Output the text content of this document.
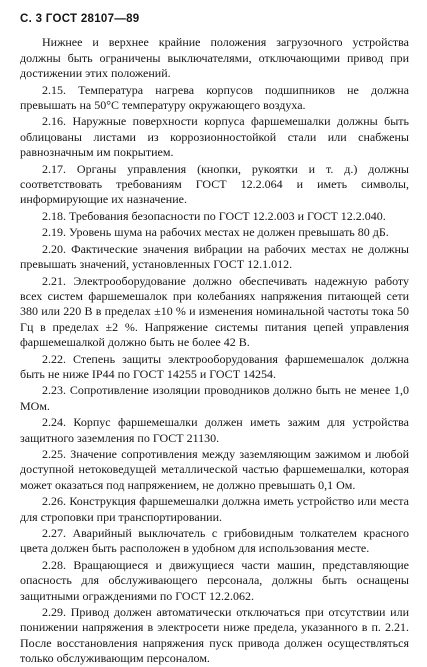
С. 3 ГОСТ 28107—89

Нижнее и верхнее крайние положения загрузочного устройства должны быть ограничены выключателями, отключающими привод при достижении этих положений.

2.15. Температура нагрева корпусов подшипников не должна превышать на 50°С температуру окружающего воздуха.

2.16. Наружные поверхности корпуса фаршемешалки должны быть облицованы листами из коррозионностойкой стали или снабжены равнозначным им покрытием.

2.17. Органы управления (кнопки, рукоятки и т. д.) должны соответствовать требованиям ГОСТ 12.2.064 и иметь символы, информирующие их назначение.

2.18. Требования безопасности по ГОСТ 12.2.003 и ГОСТ 12.2.040.

2.19. Уровень шума на рабочих местах не должен превышать 80 дБ.

2.20. Фактические значения вибрации на рабочих местах не должны превышать значений, установленных ГОСТ 12.1.012.

2.21. Электрооборудование должно обеспечивать надежную работу всех систем фаршемешалок при колебаниях напряжения питающей сети 380 или 220 В в пределах ±10 % и изменения номинальной частоты тока 50 Гц в пределах ±2 %. Напряжение системы питания цепей управления фаршемешалкой должно быть не более 42 В.

2.22. Степень защиты электрооборудования фаршемешалок должна быть не ниже IP44 по ГОСТ 14255 и ГОСТ 14254.

2.23. Сопротивление изоляции проводников должно быть не менее 1,0 МОм.

2.24. Корпус фаршемешалки должен иметь зажим для устройства защитного заземления по ГОСТ 21130.

2.25. Значение сопротивления между заземляющим зажимом и любой доступной нетоковедущей металлической частью фаршемешалки, которая может оказаться под напряжением, не должно превышать 0,1 Ом.

2.26. Конструкция фаршемешалки должна иметь устройство или места для строповки при транспортировании.

2.27. Аварийный выключатель с грибовидным толкателем красного цвета должен быть расположен в удобном для использования месте.

2.28. Вращающиеся и движущиеся части машин, представляющие опасность для обслуживающего персонала, должны быть оснащены защитными ограждениями по ГОСТ 12.2.062.

2.29. Привод должен автоматически отключаться при отсутствии или понижении напряжения в электросети ниже предела, указанного в п. 2.21. После восстановления напряжения пуск привода должен осуществляться только обслуживающим персоналом.
